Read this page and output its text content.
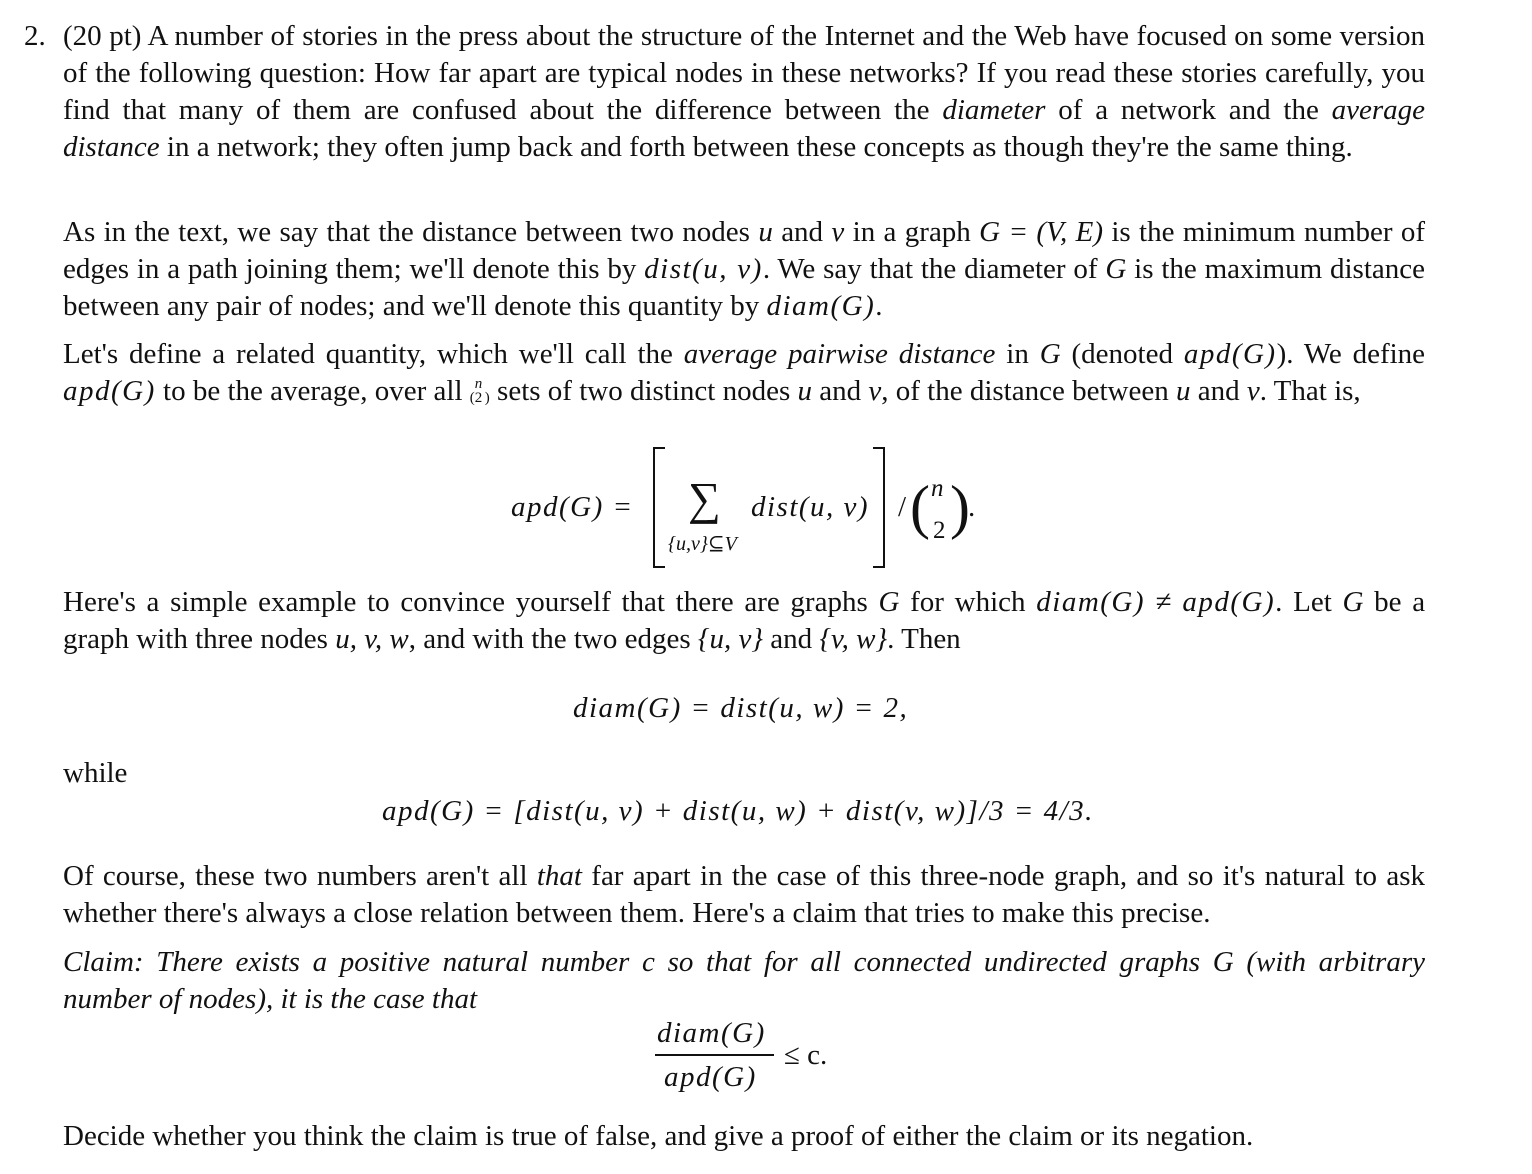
2. (20 pt) A number of stories in the press about the structure of the Internet and the Web have focused on some version of the following question: How far apart are typical nodes in these networks? If you read these stories carefully, you find that many of them are confused about the difference between the diameter of a network and the average distance in a network; they often jump back and forth between these concepts as though they're the same thing.
As in the text, we say that the distance between two nodes u and v in a graph G = (V, E) is the minimum number of edges in a path joining them; we'll denote this by dist(u, v). We say that the diameter of G is the maximum distance between any pair of nodes; and we'll denote this quantity by diam(G).
Let's define a related quantity, which we'll call the average pairwise distance in G (denoted apd(G)). We define apd(G) to be the average, over all (
n
2 ) sets of two distinct nodes u and v, of the distance between u and v. That is,
apd(G) = ∑
{u,v}⊆V
dist(u, v) / ( n
2 )
.
Here's a simple example to convince yourself that there are graphs G for which diam(G) ≠ apd(G). Let G be a graph with three nodes u, v, w, and with the two edges {u, v} and {v, w}. Then
diam(G) = dist(u, w) = 2,
while
apd(G) = [dist(u, v) + dist(u, w) + dist(v, w)]/3 = 4/3.
Of course, these two numbers aren't all that far apart in the case of this three-node graph, and so it's natural to ask whether there's always a close relation between them. Here's a claim that tries to make this precise.
Claim: There exists a positive natural number c so that for all connected undirected graphs G (with arbitrary number of nodes), it is the case that
diam(G)
apd(G)
≤ c.
Decide whether you think the claim is true of false, and give a proof of either the claim or its negation.
